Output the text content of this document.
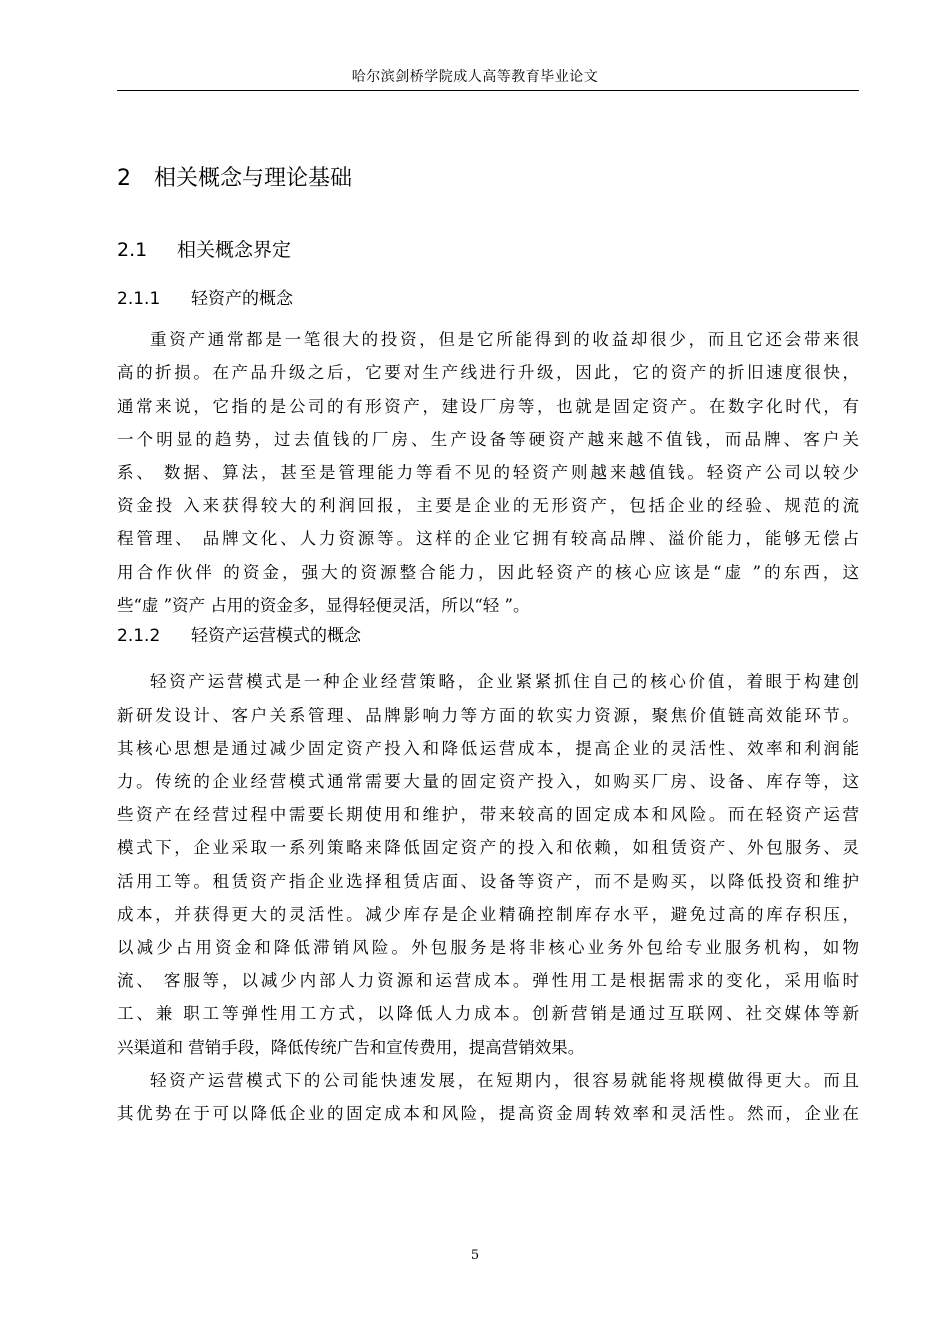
哈尔滨剑桥学院成人高等教育毕业论文
2 相关概念与理论基础
2.1 相关概念界定
2.1.1 轻资产的概念
重资产通常都是一笔很大的投资，但是它所能得到的收益却很少，而且它还会带来很
高的折损。在产品升级之后，它要对生产线进行升级，因此，它的资产的折旧速度很快，
通常来说，它指的是公司的有形资产，建设厂房等，也就是固定资产。在数字化时代，有
一个明显的趋势，过去值钱的厂房、生产设备等硬资产越来越不值钱，而品牌、客户关
系、 数据、算法，甚至是管理能力等看不见的轻资产则越来越值钱。轻资产公司以较少
资金投 入来获得较大的利润回报，主要是企业的无形资产，包括企业的经验、规范的流
程管理、 品牌文化、人力资源等。这样的企业它拥有较高品牌、溢价能力，能够无偿占
用合作伙伴 的资金，强大的资源整合能力，因此轻资产的核心应该是“虚 ”的东西，这
些“虚 ”资产 占用的资金多，显得轻便灵活，所以“轻 ”。
2.1.2 轻资产运营模式的概念
轻资产运营模式是一种企业经营策略，企业紧紧抓住自己的核心价值，着眼于构建创
新研发设计、客户关系管理、品牌影响力等方面的软实力资源，聚焦价值链高效能环节。
其核心思想是通过减少固定资产投入和降低运营成本，提高企业的灵活性、效率和利润能
力。传统的企业经营模式通常需要大量的固定资产投入，如购买厂房、设备、库存等，这
些资产在经营过程中需要长期使用和维护，带来较高的固定成本和风险。而在轻资产运营
模式下，企业采取一系列策略来降低固定资产的投入和依赖，如租赁资产、外包服务、灵
活用工等。租赁资产指企业选择租赁店面、设备等资产，而不是购买，以降低投资和维护
成本，并获得更大的灵活性。减少库存是企业精确控制库存水平，避免过高的库存积压，
以减少占用资金和降低滞销风险。外包服务是将非核心业务外包给专业服务机构，如物
流、 客服等，以减少内部人力资源和运营成本。弹性用工是根据需求的变化，采用临时
工、兼 职工等弹性用工方式，以降低人力成本。创新营销是通过互联网、社交媒体等新
兴渠道和 营销手段，降低传统广告和宣传费用，提高营销效果。
轻资产运营模式下的公司能快速发展，在短期内，很容易就能将规模做得更大。而且
其优势在于可以降低企业的固定成本和风险，提高资金周转效率和灵活性。然而，企业在
5
